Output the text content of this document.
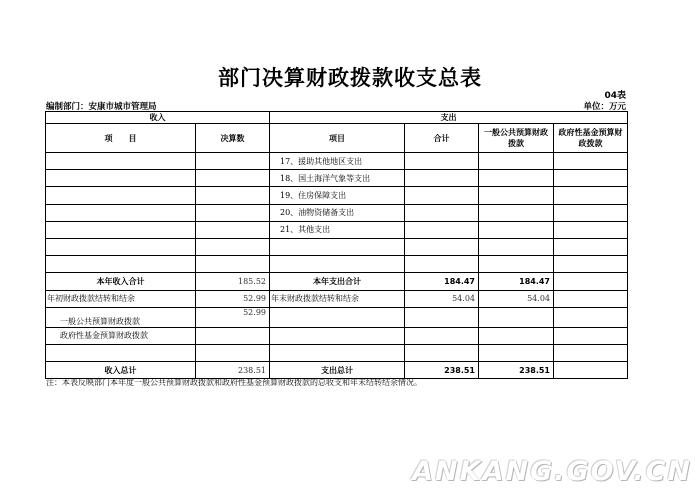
部门决算财政拨款收支总表
04表
编制部门：安康市城市管理局	单位：万元
收入		支出			
项　　目	决算数	项目	合计	一般公共预算财政拨款	政府性基金预算财政拨款
		17、援助其他地区支出			
		18、国土海洋气象等支出			
		19、住房保障支出			
		20、油物资储备支出			
		21、其他支出			

本年收入合计	185.52	本年支出合计	184.47	184.47	
年初财政拨款结转和结余	52.99	年末财政拨款结转和结余	54.04	54.04	
一般公共预算财政拨款	52.99				
政府性基金预算财政拨款					

收入总计	238.51	支出总计	238.51	238.51	
注：本表反映部门本年度一般公共预算财政拨款和政府性基金预算财政拨款的总收支和年末结转结余情况。
ANKANG.GOV.CN
